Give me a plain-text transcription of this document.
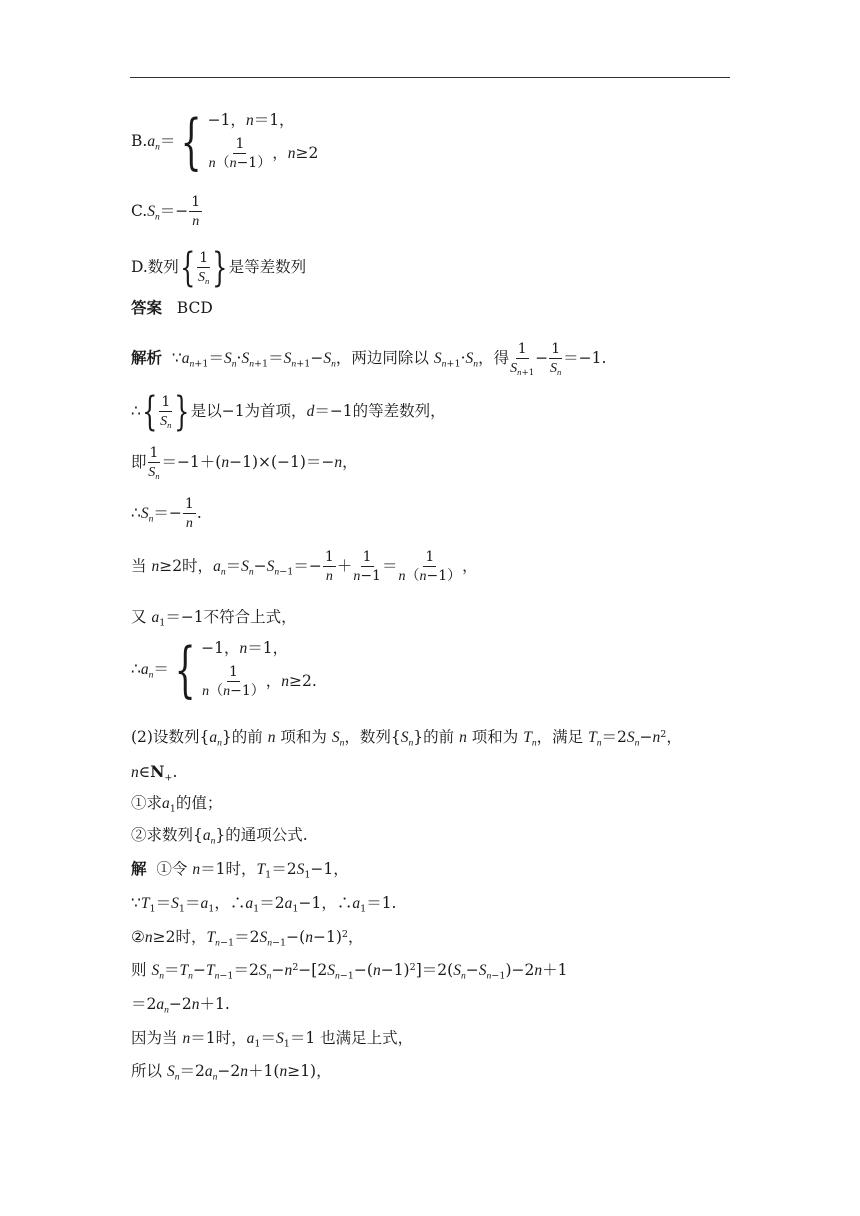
$B.a_n=$ { −1，n＝1，
$\frac{1}{n(n-1)}$ ，n≥2
$C.S_n=- \frac{1}{n}$
D.数列 { $\frac{1}{S_n}$ } 是等差数列
答案 BCD
解析  $\because a_{n+1}=S_n\cdot S_{n+1}=S_{n+1}-S_n$，两边同除以 $S_{n+1}\cdot S_n$，得 $\frac{1}{S_{n+1}} - \frac{1}{S_n} =-1$.
∴ { $\frac{1}{S_n}$ } 是以−1为首项，d＝−1的等差数列，
即 $\frac{1}{S_n} =-1+(n-1)\times(-1)=-n$，
$\therefore S_n=- \frac{1}{n}$ .
当 n≥2时，$a_n=S_n-S_{n-1}=- \frac{1}{n} + \frac{1}{n-1} = \frac{1}{n(n-1)}$ ，
又 $a_1=-1$不符合上式，
$\therefore a_n=$ { −1，n＝1，
$\frac{1}{n(n-1)}$ ，n≥2.
(2)设数列$\{a_n\}$的前 n 项和为 $S_n$，数列$\{S_n\}$的前 n 项和为 $T_n$，满足 $T_n=2S_n-n^2$，
$n\in N_+$.
①求$a_1$的值；
②求数列$\{a_n\}$的通项公式.
解 ①令 n＝1时，$T_1=2S_1-1$，
$\because T_1=S_1=a_1$，$\therefore a_1=2a_1-1$，$\therefore a_1=1$.
②n≥2时，$T_{n-1}=2S_{n-1}-(n-1)^2$，
则 $S_n=T_n-T_{n-1}=2S_n-n^2-[2S_{n-1}-(n-1)^2]=2(S_n-S_{n-1})-2n+1$
$=2a_n-2n+1$.
因为当 n＝1时，$a_1=S_1=1$ 也满足上式，
所以 $S_n=2a_n-2n+1(n\ge 1)$，
